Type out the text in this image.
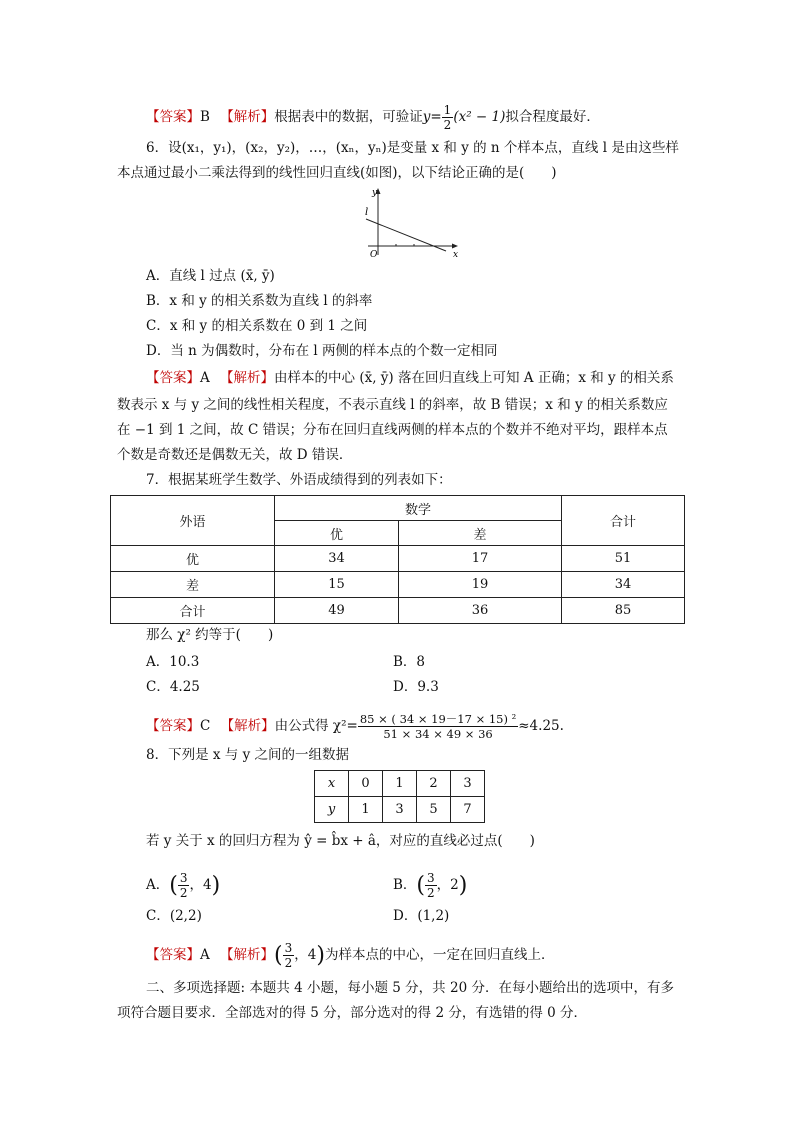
【答案】B 【解析】根据表中的数据，可验证$y= \frac{1}{2} (x^2 - 1)$拟合程度最好．
6．设(x₁，y₁)，(x₂，y₂)，…，(xₙ，yₙ)是变量 x 和 y 的 n 个样本点，直线 l 是由这些样
本点通过最小二乘法得到的线性回归直线(如图)，以下结论正确的是(　　)
y
x
O
l
A．直线 l 过点 (x̄, ȳ)
B．x 和 y 的相关系数为直线 l 的斜率
C．x 和 y 的相关系数在 0 到 1 之间
D．当 n 为偶数时，分布在 l 两侧的样本点的个数一定相同
【答案】A 【解析】由样本的中心 (x̄, ȳ) 落在回归直线上可知 A 正确；x 和 y 的相关系
数表示 x 与 y 之间的线性相关程度，不表示直线 l 的斜率，故 B 错误；x 和 y 的相关系数应
在 −1 到 1 之间，故 C 错误；分布在回归直线两侧的样本点的个数并不绝对平均，跟样本点
个数是奇数还是偶数无关，故 D 错误．
7．根据某班学生数学、外语成绩得到的列表如下：
外语	数学		合计
	优	差	
优	34	17	51
差	15	19	34
合计	49	36	85
那么 χ² 约等于(　　)
A．10.3	B．8
C．4.25	D．9.3
【答案】C 【解析】由公式得 $\chi^2= \frac{\text{85 × ( 34 × 19－17 × 15) ²}}{51 \times 34 \times 49 \times 36} \approx 4.25$.
8．下列是 x 与 y 之间的一组数据
x	0	1	2	3
y	1	3	5	7
若 y 关于 x 的回归方程为 ŷ = b̂x + â，对应的直线必过点(　　)
A．( $\frac{3}{2}$ ，4)	B．( $\frac{3}{2}$ ，2)
C．(2,2)	D．(1,2)
【答案】A 【解析】( $\frac{3}{2}$ ，4)为样本点的中心，一定在回归直线上．
二、多项选择题: 本题共 4 小题，每小题 5 分，共 20 分．在每小题给出的选项中，有多
项符合题目要求．全部选对的得 5 分，部分选对的得 2 分，有选错的得 0 分．
